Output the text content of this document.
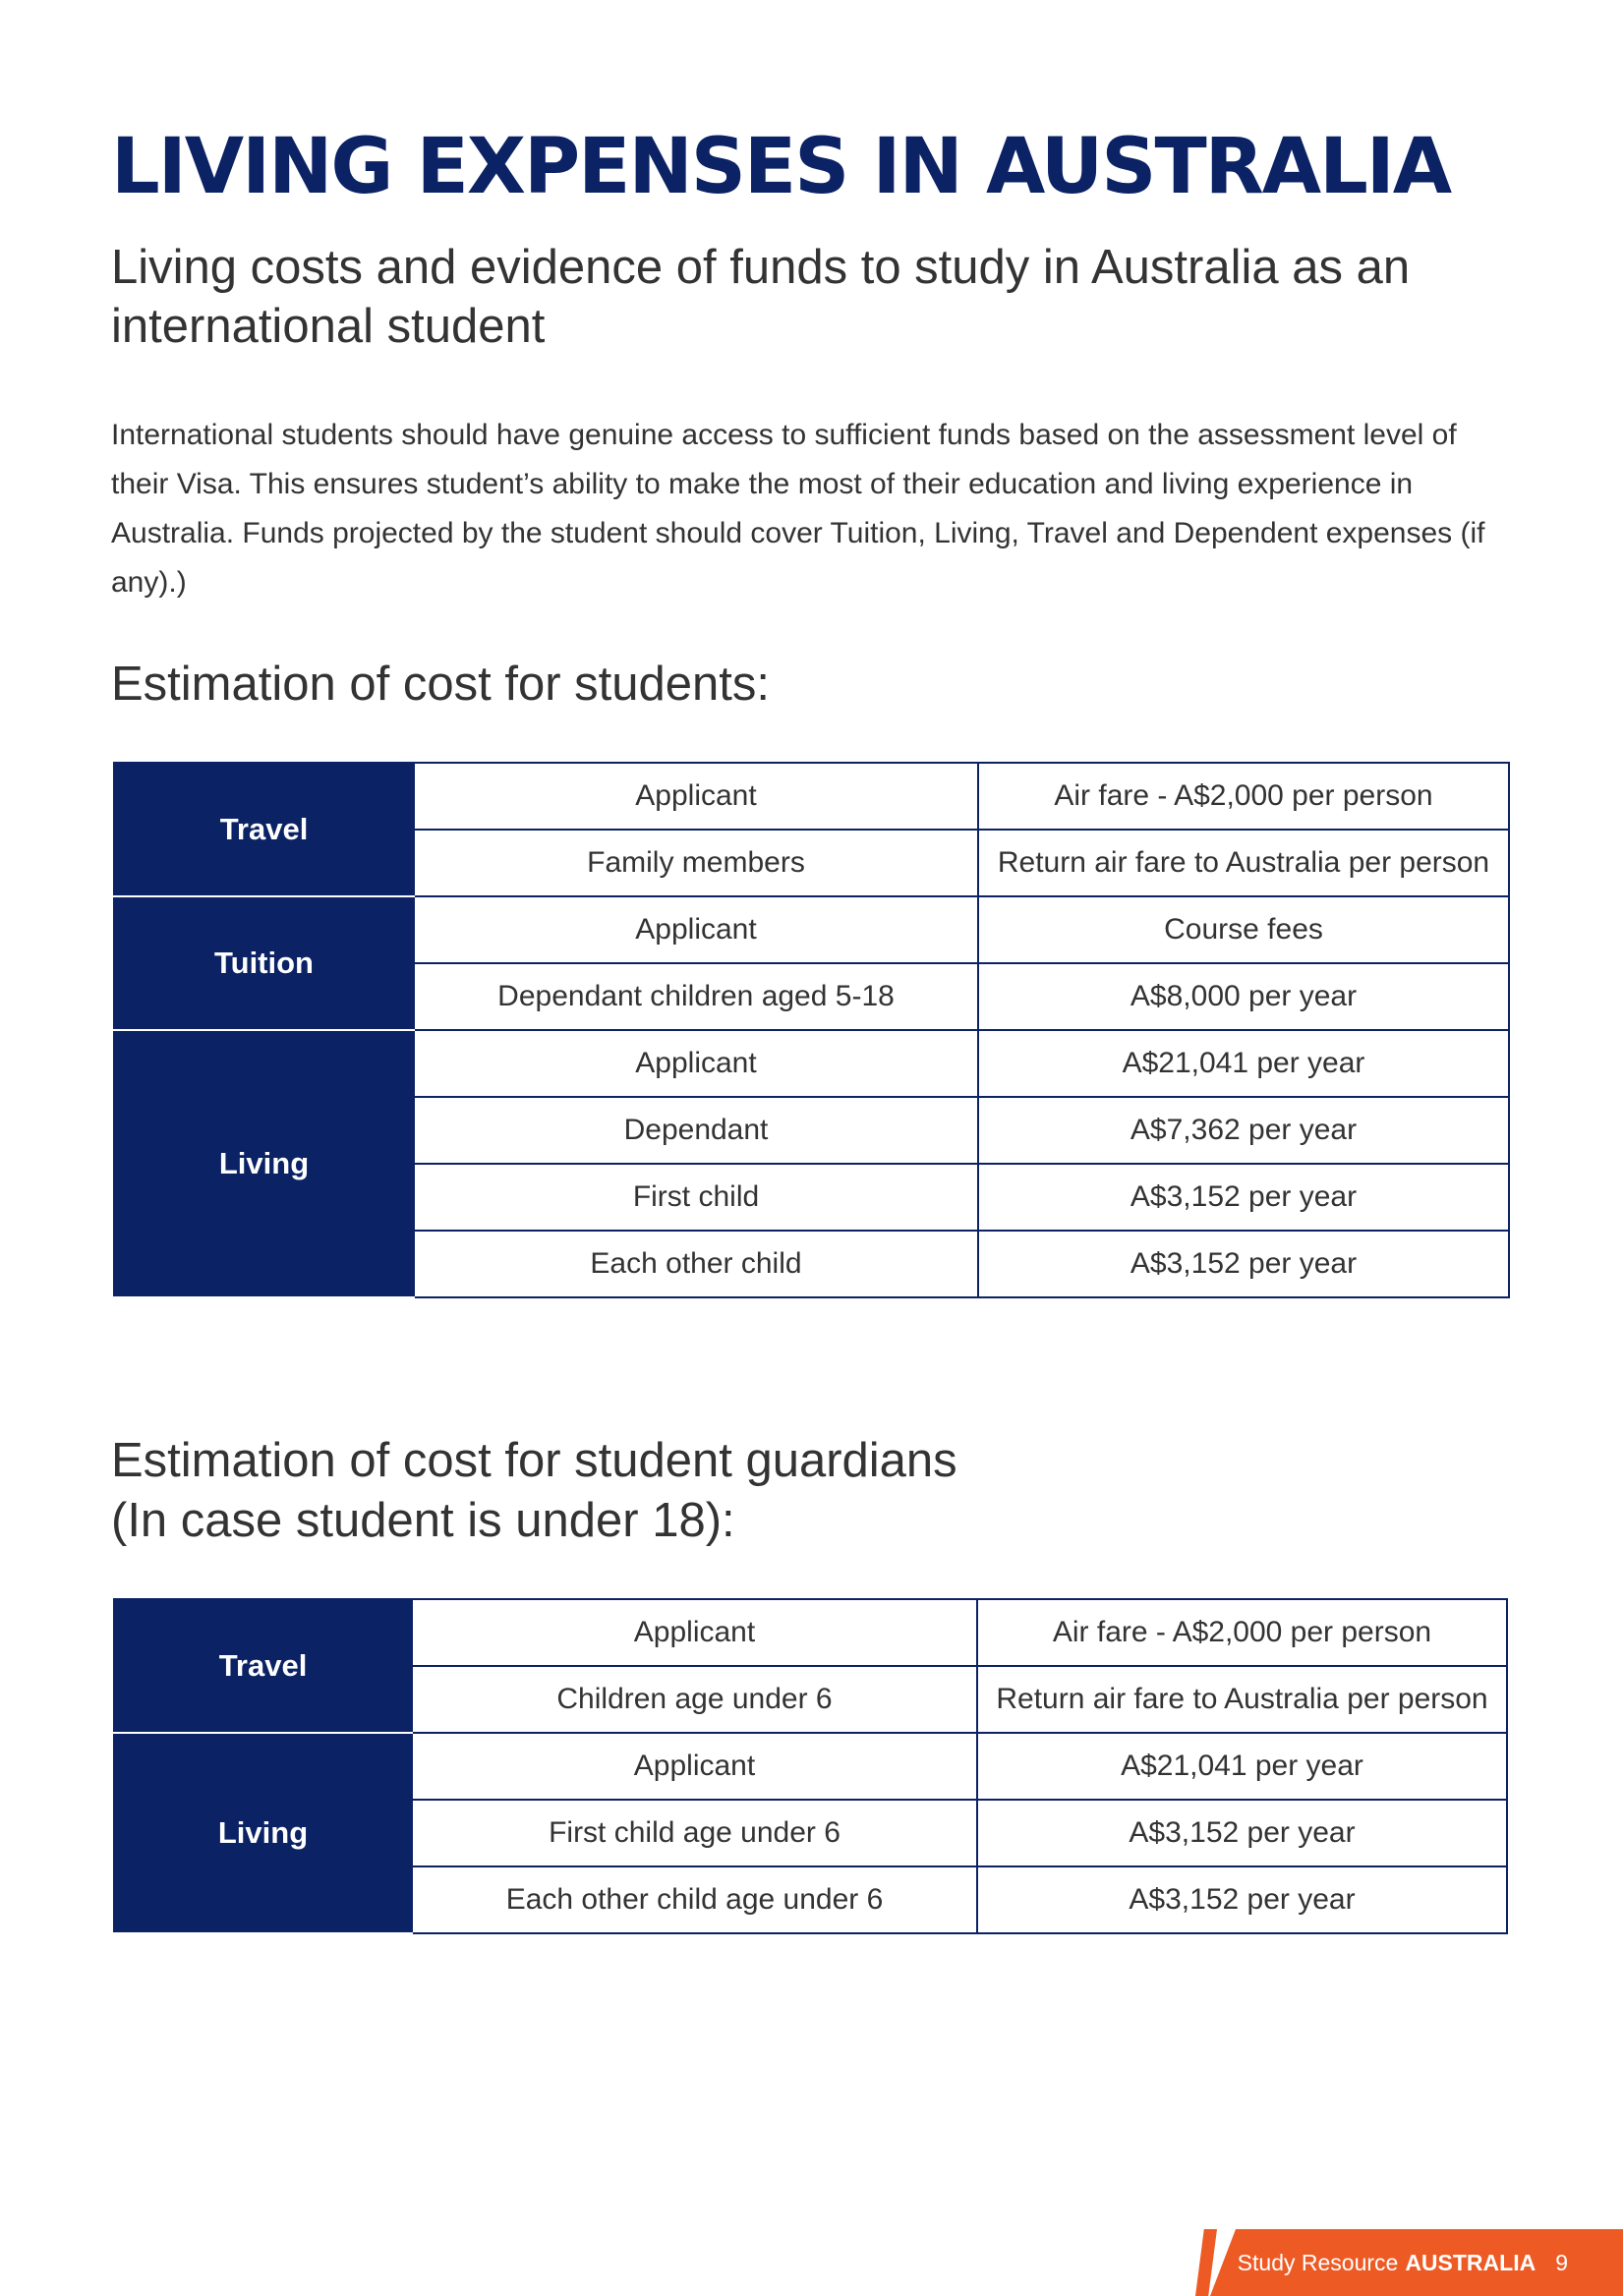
LIVING EXPENSES IN AUSTRALIA

Living costs and evidence of funds to study in Australia as an international student

International students should have genuine access to sufficient funds based on the assessment level of their Visa. This ensures student’s ability to make the most of their education and living experience in Australia. Funds projected by the student should cover Tuition, Living, Travel and Dependent expenses (if any).)

Estimation of cost for students:
Travel	Applicant	Air fare - A$2,000 per person
	Family members	Return air fare to Australia per person
Tuition	Applicant	Course fees
	Dependant children aged 5-18	A$8,000 per year
Living	Applicant	A$21,041 per year
	Dependant	A$7,362 per year
	First child	A$3,152 per year
	Each other child	A$3,152 per year
Estimation of cost for student guardians
(In case student is under 18):
Travel	Applicant	Air fare - A$2,000 per person
	Children age under 6	Return air fare to Australia per person
Living	Applicant	A$21,041 per year
	First child age under 6	A$3,152 per year
	Each other child age under 6	A$3,152 per year
Study Resource AUSTRALIA 9
